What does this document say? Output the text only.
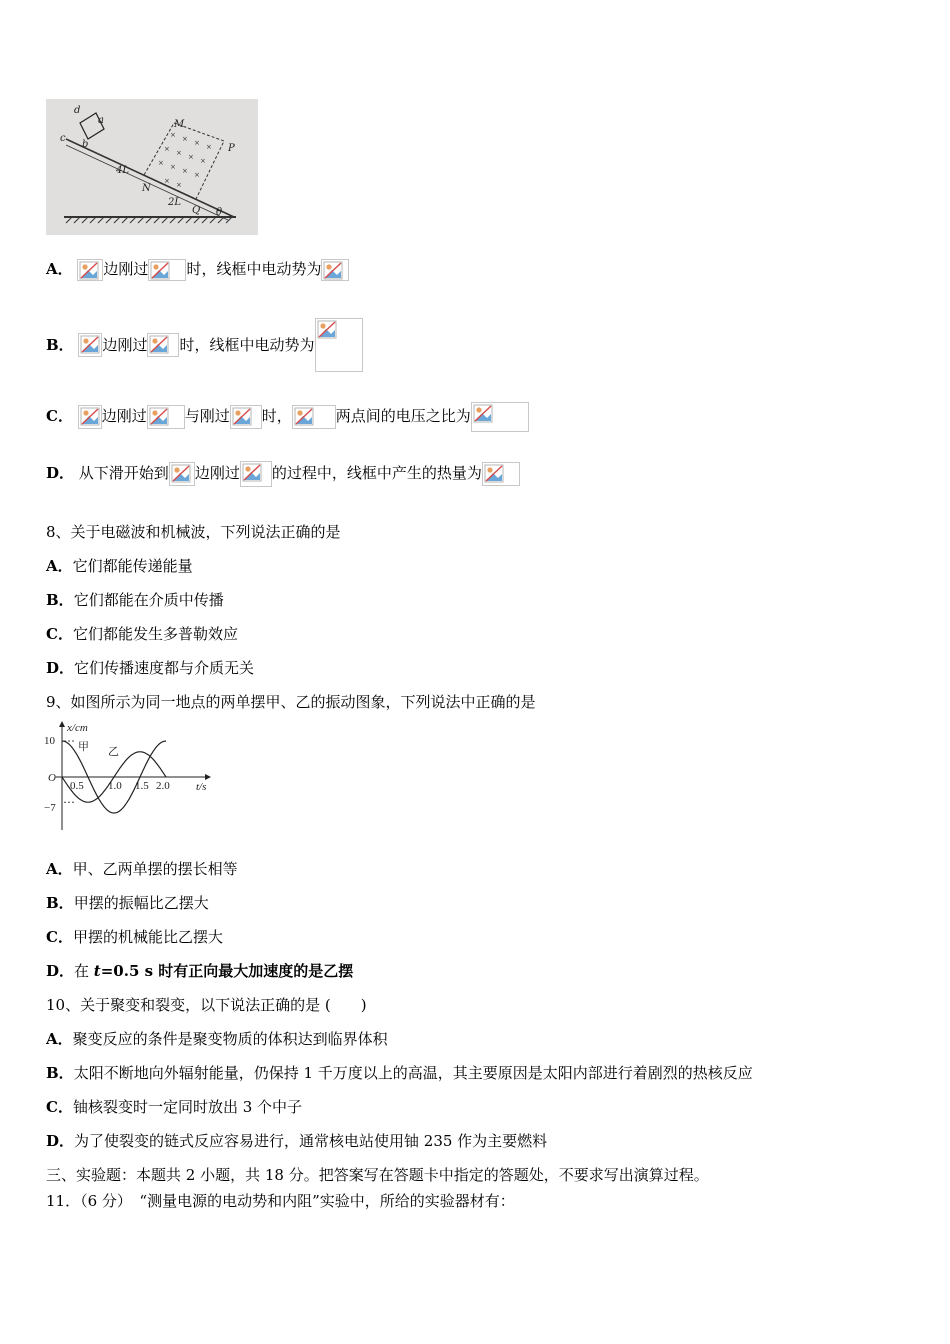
× × × ×
× × × ×
× × × ×
× ×
d
a
c
b
M
P
4L
N
2L
Q θ
A． 边刚过	时，线框中电动势为
B． 边刚过 时，线框中电动势为
C． 边刚过	与刚过 时，	两点间的电压之比为
D． 从下滑开始到 边刚过 的过程中，线框中产生的热量为
8、关于电磁波和机械波，下列说法正确的是
A．它们都能传递能量
B．它们都能在介质中传播
C．它们都能发生多普勒效应
D．它们传播速度都与介质无关
9、如图所示为同一地点的两单摆甲、乙的振动图象，下列说法中正确的是
x/cm
t/s
O
10
−7
0.5 1.0 1.5 2.0
甲 乙
A．甲、乙两单摆的摆长相等
B．甲摆的振幅比乙摆大
C．甲摆的机械能比乙摆大
D．在 t=0.5 s 时有正向最大加速度的是乙摆
10、关于聚变和裂变，以下说法正确的是 (　　)
A．聚变反应的条件是聚变物质的体积达到临界体积
B．太阳不断地向外辐射能量，仍保持 1 千万度以上的高温，其主要原因是太阳内部进行着剧烈的热核反应
C．铀核裂变时一定同时放出 3 个中子
D．为了使裂变的链式反应容易进行，通常核电站使用铀 235 作为主要燃料
三、实验题：本题共 2 小题，共 18 分。把答案写在答题卡中指定的答题处，不要求写出演算过程。
11．（6 分）　“测量电源的电动势和内阻”实验中，所给的实验器材有：
